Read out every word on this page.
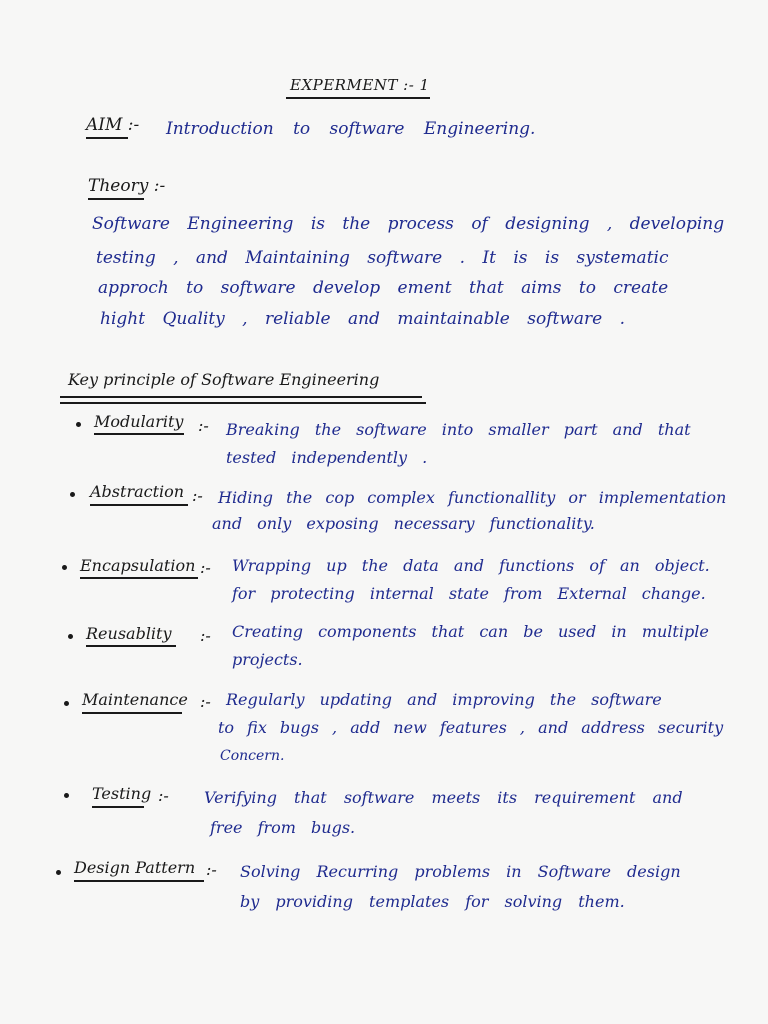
EXPERMENT :- 1
AIM :- Introduction to software Engineering.
Theory :-
Software Engineering is the process of designing , developing
testing , and Maintaining software . It is is systematic
approch to software develop ement that aims to create
hight Quality , reliable and maintainable software .
Key principle of Software Engineering
Modularity :- Breaking the software into smaller part and that
tested independently .
Abstraction :- Hiding the cop complex functionallity or implementation
and only exposing necessary functionality.
Encapsulation :- Wrapping up the data and functions of an object.
for protecting internal state from External change.
Reusablity :- Creating components that can be used in multiple
projects.
Maintenance :- Regularly updating and improving the software
to fix bugs , add new features , and address security
Concern.
Testing :- Verifying that software meets its requirement and
free from bugs.
Design Pattern :- Solving Recurring problems in Software design
by providing templates for solving them.
